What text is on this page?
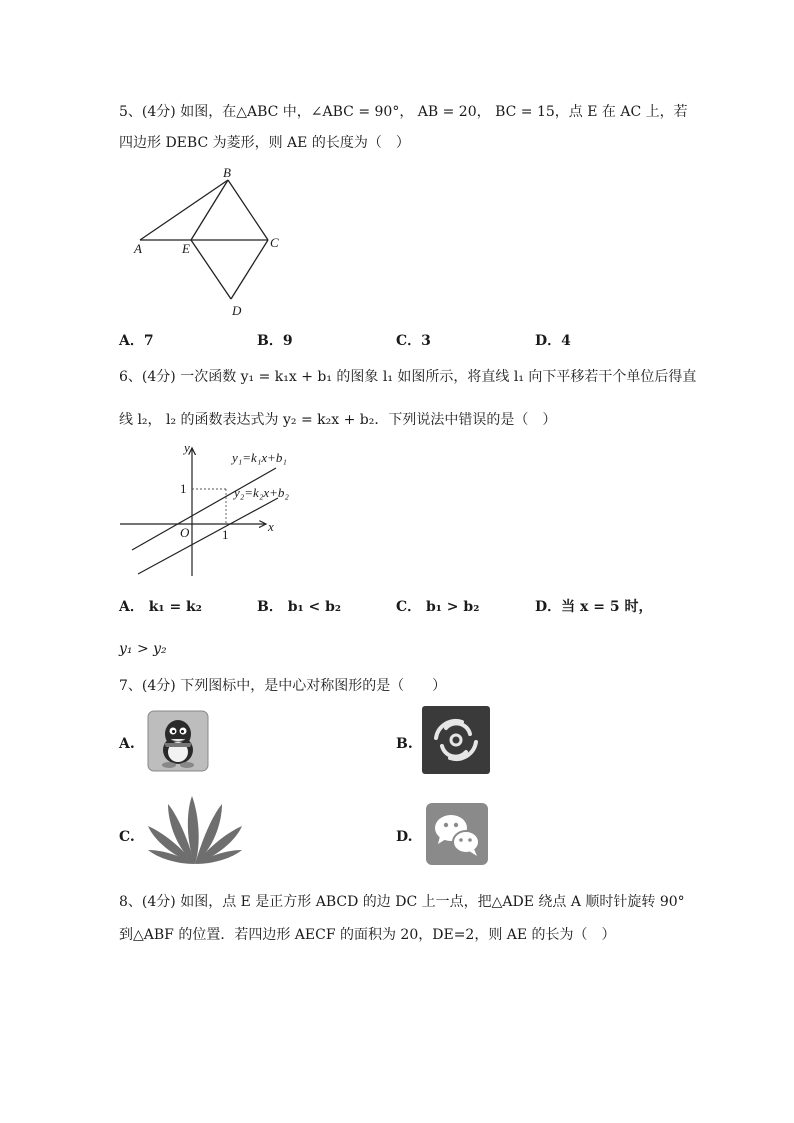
5、(4分) 如图，在△ABC 中，∠ABC = 90°， AB = 20， BC = 15，点 E 在 AC 上，若
四边形 DEBC 为菱形，则 AE 的长度为（　）
A
B
C
D
E
A．7	B．9	C．3	D．4
6、(4分) 一次函数 y₁ = k₁x + b₁ 的图象 l₁ 如图所示，将直线 l₁ 向下平移若干个单位后得直
线 l₂， l₂ 的函数表达式为 y₂ = k₂x + b₂．下列说法中错误的是（　）
y
x
O
1
1
y₁=k₁x+b₁
y₂=k₂x+b₂
A． k₁ = k₂	B． b₁ < b₂	C． b₁ > b₂	D．当 x = 5 时，
y₁ > y₂
7、(4分) 下列图标中，是中心对称图形的是（　　）
A.	B.
C.	D.
8、(4分) 如图，点 E 是正方形 ABCD 的边 DC 上一点，把△ADE 绕点 A 顺时针旋转 90°
到△ABF 的位置．若四边形 AECF 的面积为 20，DE=2，则 AE 的长为（　）
